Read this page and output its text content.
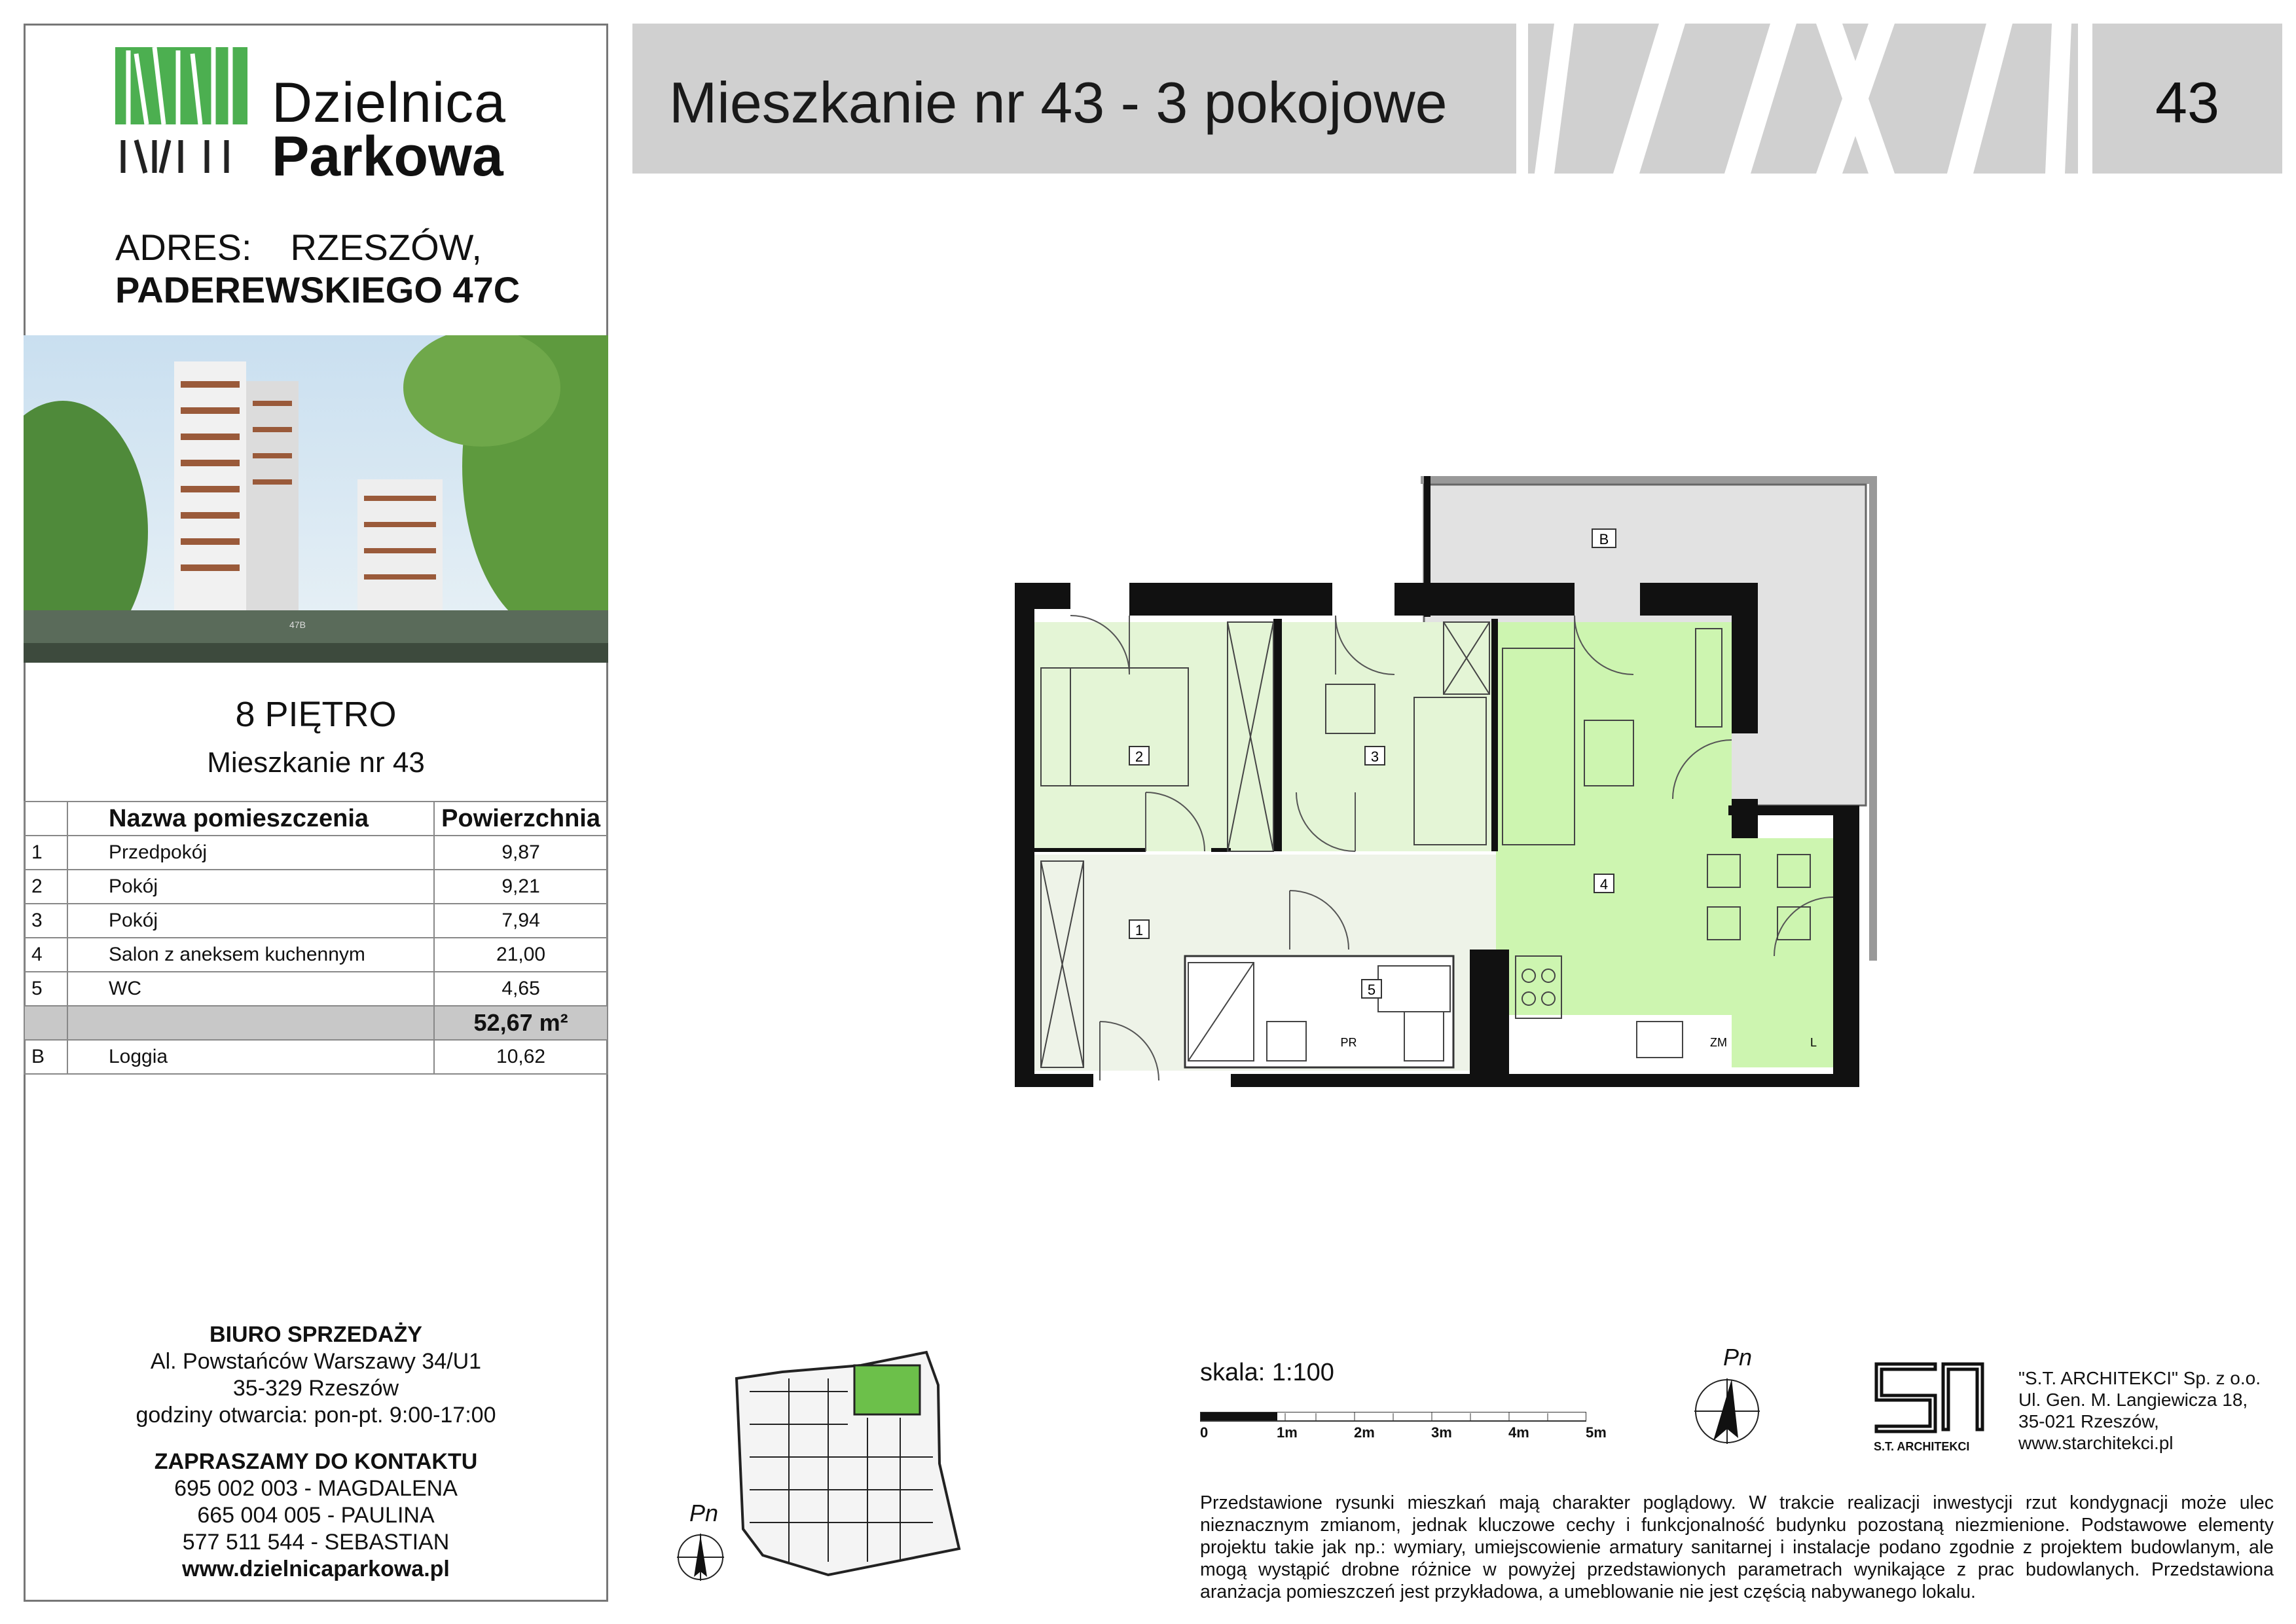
Dzielnica
Parkowa
ADRES: RZESZÓW,
PADEREWSKIEGO 47C
47B
8 PIĘTRO
Mieszkanie nr 43
	Nazwa pomieszczenia	Powierzchnia
1	Przedpokój	9,87
2	Pokój	9,21
3	Pokój	7,94
4	Salon z aneksem kuchennym	21,00
5	WC	4,65
		52,67 m²
B	Loggia	10,62
BIURO SPRZEDAŻY
Al. Powstańców Warszawy 34/U1
35-329 Rzeszów
godziny otwarcia: pon-pt. 9:00-17:00
ZAPRASZAMY DO KONTAKTU
695 002 003 - MAGDALENA
665 004 005 - PAULINA
577 511 544 - SEBASTIAN
www.dzielnicaparkowa.pl
Mieszkanie nr 43 - 3 pokojowe	43
2	3
4
1
5
B
PR	ZM	L
Pn
skala: 1:100
0	1m	2m	3m	4m	5m
Pn
S.T. ARCHITEKCI
"S.T. ARCHITEKCI" Sp. z o.o.
Ul. Gen. M. Langiewicza 18,
35-021 Rzeszów,
www.starchitekci.pl
Przedstawione rysunki mieszkań mają charakter poglądowy. W trakcie realizacji inwestycji rzut kondygnacji może ulec nieznacznym zmianom, jednak kluczowe cechy i funkcjonalność budynku pozostaną niezmienione. Podstawowe elementy projektu takie jak np.: wymiary, umiejscowienie armatury sanitarnej i instalacje podano zgodnie z projektem budowlanym, ale mogą wystąpić drobne różnice w powyżej przedstawionych parametrach wynikające z prac budowlanych. Przedstawiona aranżacja pomieszczeń jest przykładowa, a umeblowanie nie jest częścią nabywanego lokalu.
